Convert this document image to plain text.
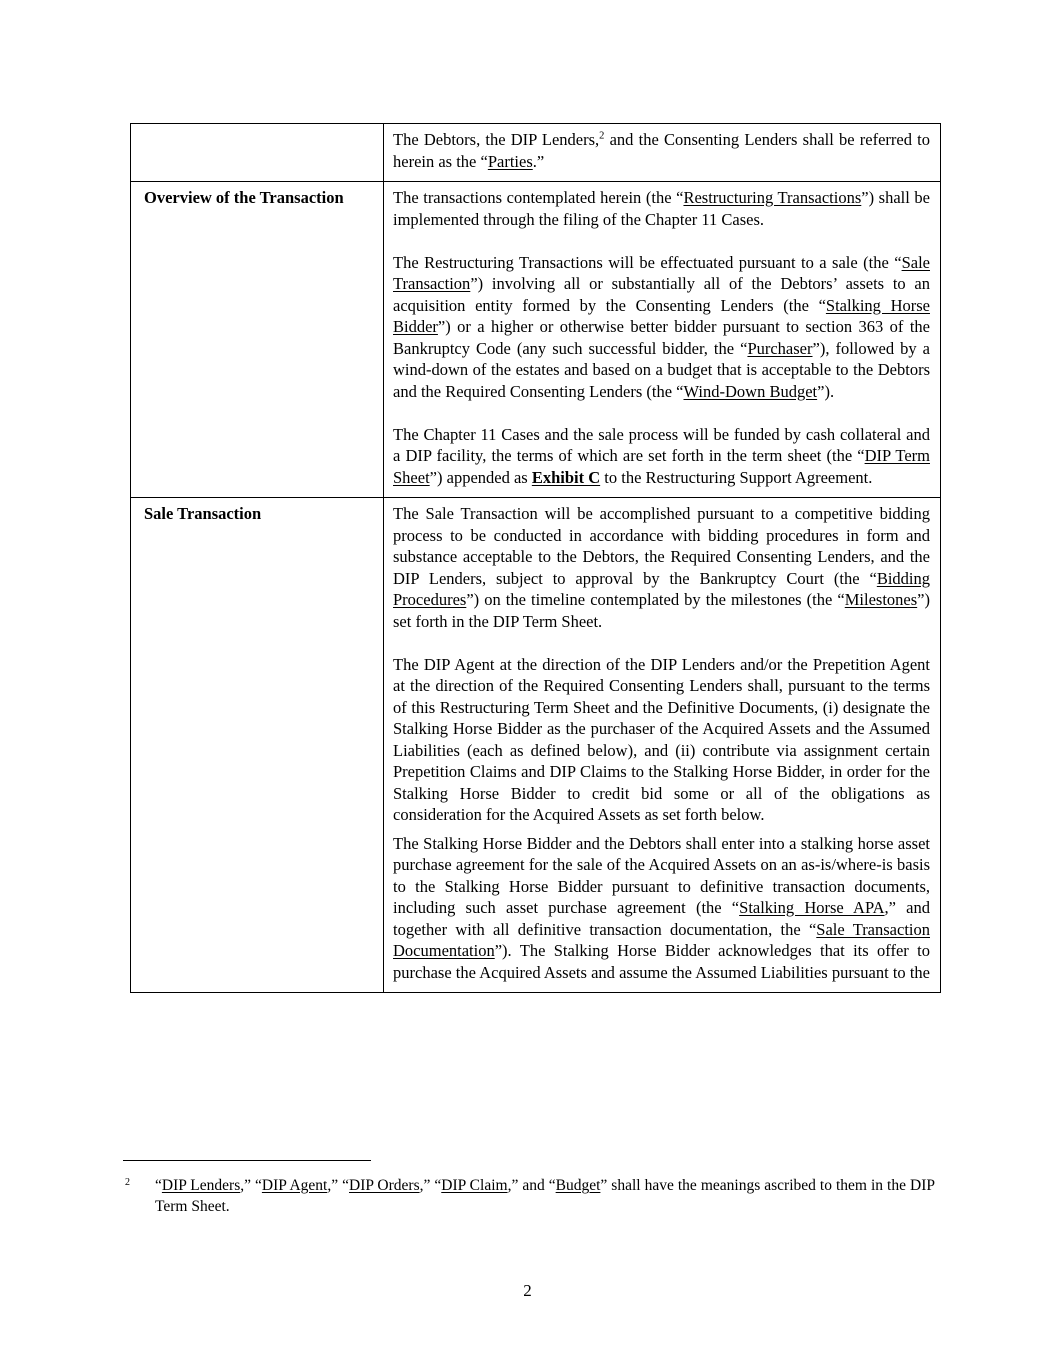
	The Debtors, the DIP Lenders,$^2$ and the Consenting Lenders shall be referred to herein as the “Parties.”

Overview of the Transaction	The transactions contemplated herein (the “Restructuring Transactions”) shall be implemented through the filing of the Chapter 11 Cases.
The Restructuring Transactions will be effectuated pursuant to a sale (the “Sale Transaction”) involving all or substantially all of the Debtors’ assets to an acquisition entity formed by the Consenting Lenders (the “Stalking Horse Bidder”) or a higher or otherwise better bidder pursuant to section 363 of the Bankruptcy Code (any such successful bidder, the “Purchaser”), followed by a wind-down of the estates and based on a budget that is acceptable to the Debtors and the Required Consenting Lenders (the “Wind-Down Budget”).
The Chapter 11 Cases and the sale process will be funded by cash collateral and a DIP facility, the terms of which are set forth in the term sheet (the “DIP Term Sheet”) appended as Exhibit C to the Restructuring Support Agreement.

Sale Transaction	The Sale Transaction will be accomplished pursuant to a competitive bidding process to be conducted in accordance with bidding procedures in form and substance acceptable to the Debtors, the Required Consenting Lenders, and the DIP Lenders, subject to approval by the Bankruptcy Court (the “Bidding Procedures”) on the timeline contemplated by the milestones (the “Milestones”) set forth in the DIP Term Sheet.
The DIP Agent at the direction of the DIP Lenders and/or the Prepetition Agent at the direction of the Required Consenting Lenders shall, pursuant to the terms of this Restructuring Term Sheet and the Definitive Documents, (i) designate the Stalking Horse Bidder as the purchaser of the Acquired Assets and the Assumed Liabilities (each as defined below), and (ii) contribute via assignment certain Prepetition Claims and DIP Claims to the Stalking Horse Bidder, in order for the Stalking Horse Bidder to credit bid some or all of the obligations as consideration for the Acquired Assets as set forth below.
The Stalking Horse Bidder and the Debtors shall enter into a stalking horse asset purchase agreement for the sale of the Acquired Assets on an as-is/where-is basis to the Stalking Horse Bidder pursuant to definitive transaction documents, including such asset purchase agreement (the “Stalking Horse APA,” and together with all definitive transaction documentation, the “Sale Transaction Documentation”). The Stalking Horse Bidder acknowledges that its offer to purchase the Acquired Assets and assume the Assumed Liabilities pursuant to the
2 “DIP Lenders,” “DIP Agent,” “DIP Orders,” “DIP Claim,” and “Budget” shall have the meanings ascribed to them in the DIP Term Sheet.
2
